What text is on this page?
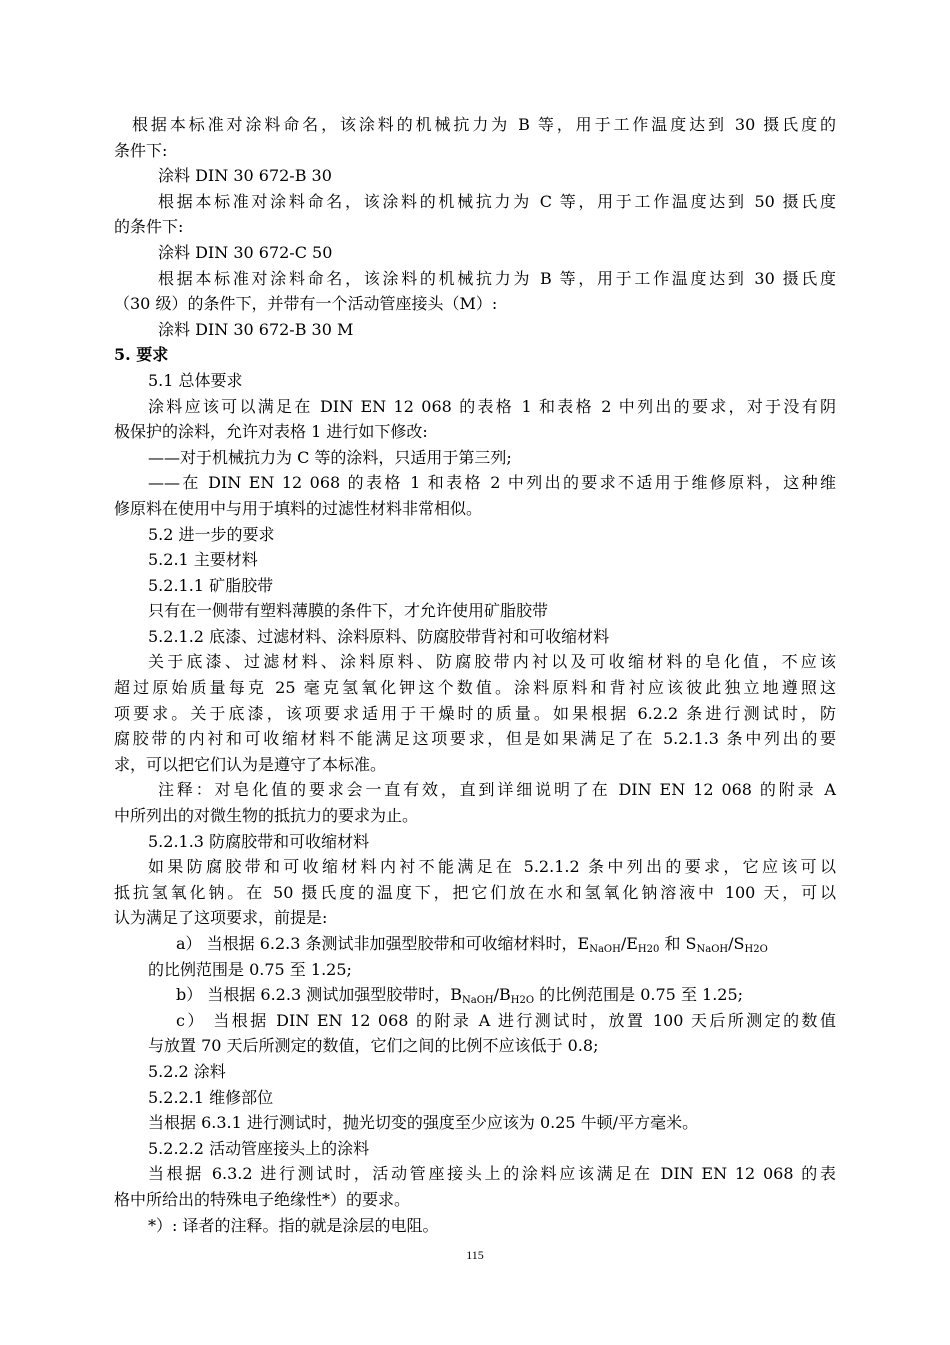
根据本标准对涂料命名，该涂料的机械抗力为 B 等，用于工作温度达到 30 摄氏度的
条件下:
涂料 DIN 30 672-B 30
根据本标准对涂料命名，该涂料的机械抗力为 C 等，用于工作温度达到 50 摄氏度
的条件下:
涂料 DIN 30 672-C 50
根据本标准对涂料命名，该涂料的机械抗力为 B 等，用于工作温度达到 30 摄氏度
（30 级）的条件下，并带有一个活动管座接头（M）:
涂料 DIN 30 672-B 30 M
5. 要求
5.1 总体要求
涂料应该可以满足在 DIN EN 12 068 的表格 1 和表格 2 中列出的要求，对于没有阴
极保护的涂料，允许对表格 1 进行如下修改:
——对于机械抗力为 C 等的涂料，只适用于第三列;
——在 DIN EN 12 068 的表格 1 和表格 2 中列出的要求不适用于维修原料，这种维
修原料在使用中与用于填料的过滤性材料非常相似。
5.2 进一步的要求
5.2.1 主要材料
5.2.1.1 矿脂胶带
只有在一侧带有塑料薄膜的条件下，才允许使用矿脂胶带
5.2.1.2 底漆、过滤材料、涂料原料、防腐胶带背衬和可收缩材料
关于底漆、过滤材料、涂料原料、防腐胶带内衬以及可收缩材料的皂化值，不应该
超过原始质量每克 25 毫克氢氧化钾这个数值。涂料原料和背衬应该彼此独立地遵照这
项要求。关于底漆，该项要求适用于干燥时的质量。如果根据 6.2.2 条进行测试时，防
腐胶带的内衬和可收缩材料不能满足这项要求，但是如果满足了在 5.2.1.3 条中列出的要
求，可以把它们认为是遵守了本标准。
注释：对皂化值的要求会一直有效，直到详细说明了在 DIN EN 12 068 的附录 A
中所列出的对微生物的抵抗力的要求为止。
5.2.1.3 防腐胶带和可收缩材料
如果防腐胶带和可收缩材料内衬不能满足在 5.2.1.2 条中列出的要求，它应该可以
抵抗氢氧化钠。在 50 摄氏度的温度下，把它们放在水和氢氧化钠溶液中 100 天，可以
认为满足了这项要求，前提是:
a） 当根据 6.2.3 条测试非加强型胶带和可收缩材料时，$E_{NaOH}/E_{H20}$ 和 $S_{NaOH}/S_{H2O}$
的比例范围是 0.75 至 1.25;
b） 当根据 6.2.3 测试加强型胶带时，$B_{NaOH}/B_{H2O}$ 的比例范围是 0.75 至 1.25;
c） 当根据 DIN EN 12 068 的附录 A 进行测试时，放置 100 天后所测定的数值
与放置 70 天后所测定的数值，它们之间的比例不应该低于 0.8;
5.2.2 涂料
5.2.2.1 维修部位
当根据 6.3.1 进行测试时，抛光切变的强度至少应该为 0.25 牛顿/平方毫米。
5.2.2.2 活动管座接头上的涂料
当根据 6.3.2 进行测试时，活动管座接头上的涂料应该满足在 DIN EN 12 068 的表
格中所给出的特殊电子绝缘性*）的要求。
*）: 译者的注释。指的就是涂层的电阻。
115
